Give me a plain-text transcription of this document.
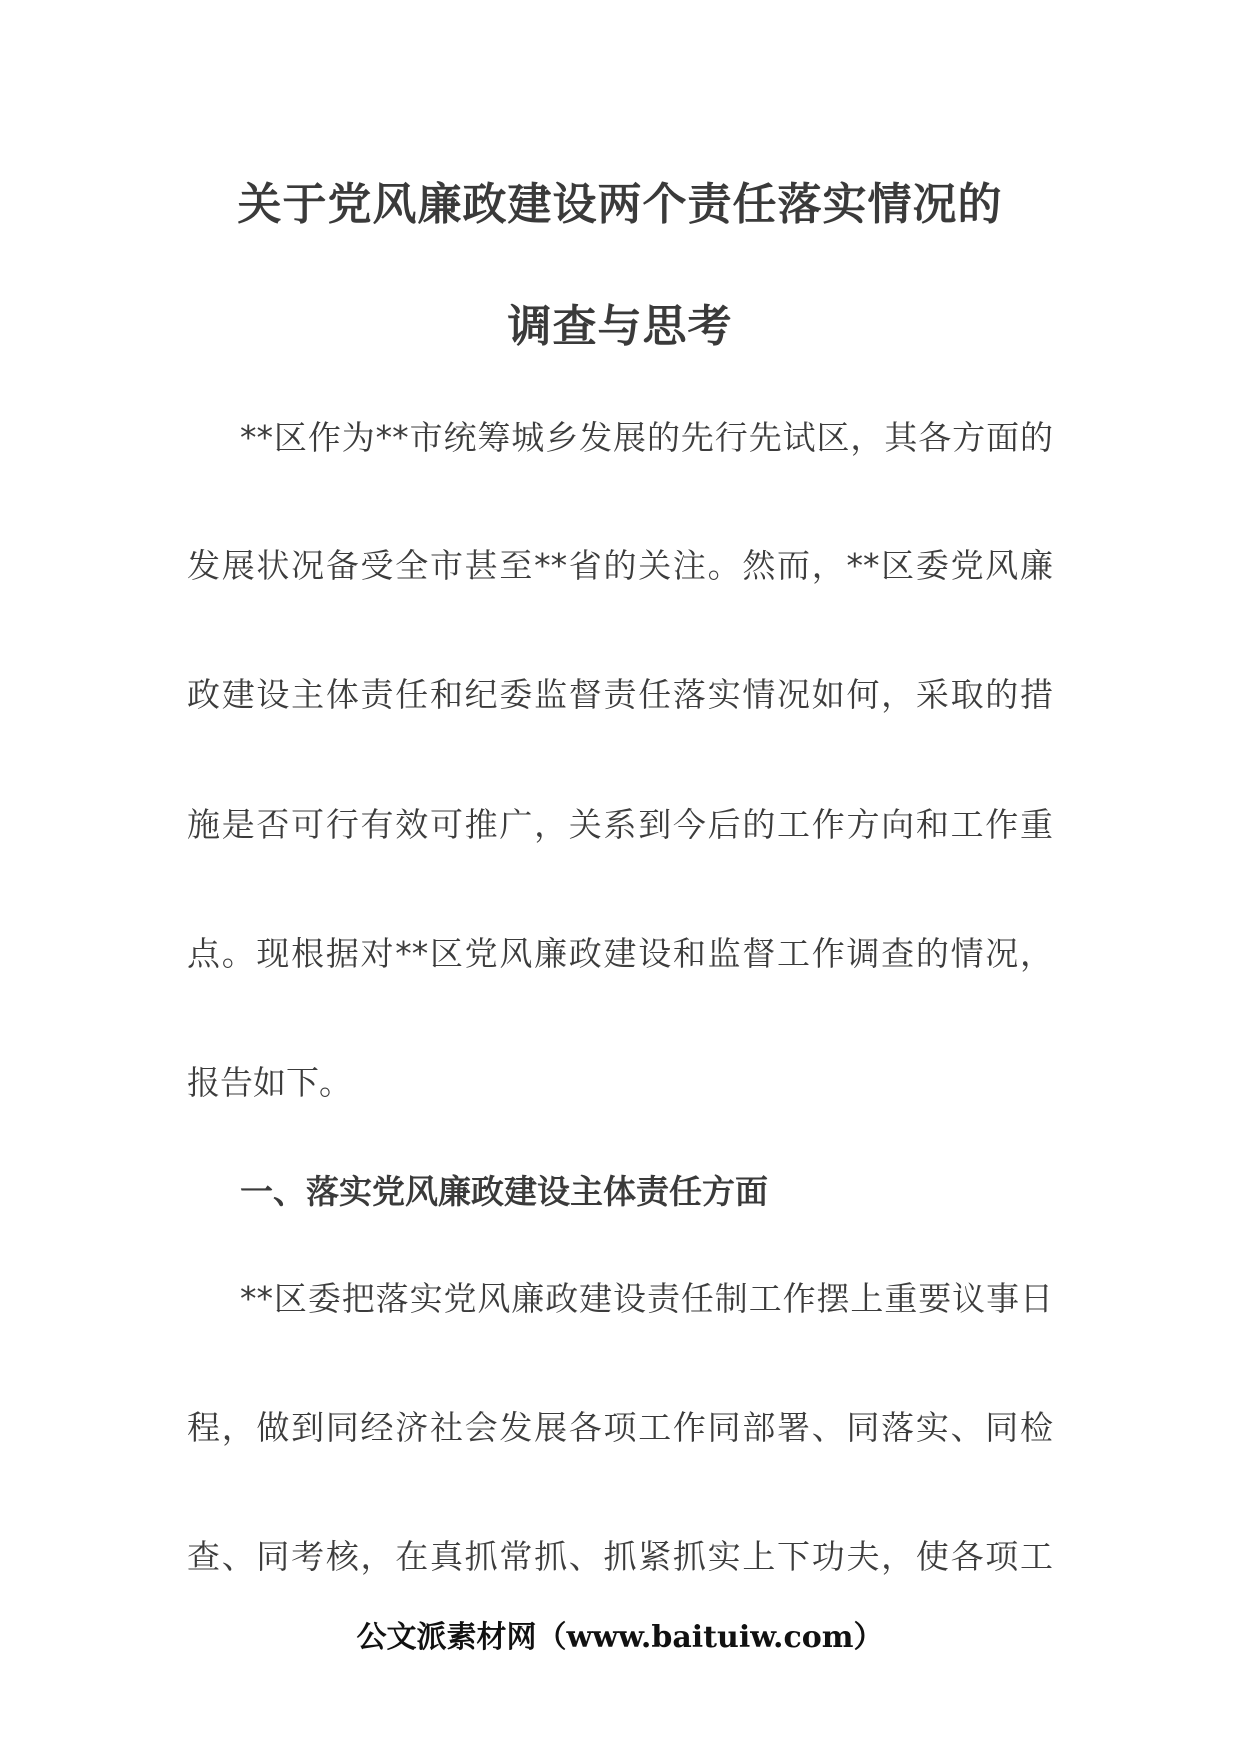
关于党风廉政建设两个责任落实情况的
调查与思考
**区作为**市统筹城乡发展的先行先试区，其各方面的
发展状况备受全市甚至**省的关注。然而，**区委党风廉
政建设主体责任和纪委监督责任落实情况如何，采取的措
施是否可行有效可推广，关系到今后的工作方向和工作重
点。现根据对**区党风廉政建设和监督工作调查的情况，
报告如下。
一、落实党风廉政建设主体责任方面
**区委把落实党风廉政建设责任制工作摆上重要议事日
程，做到同经济社会发展各项工作同部署、同落实、同检
查、同考核，在真抓常抓、抓紧抓实上下功夫，使各项工
公文派素材网（www.baituiw.com）
